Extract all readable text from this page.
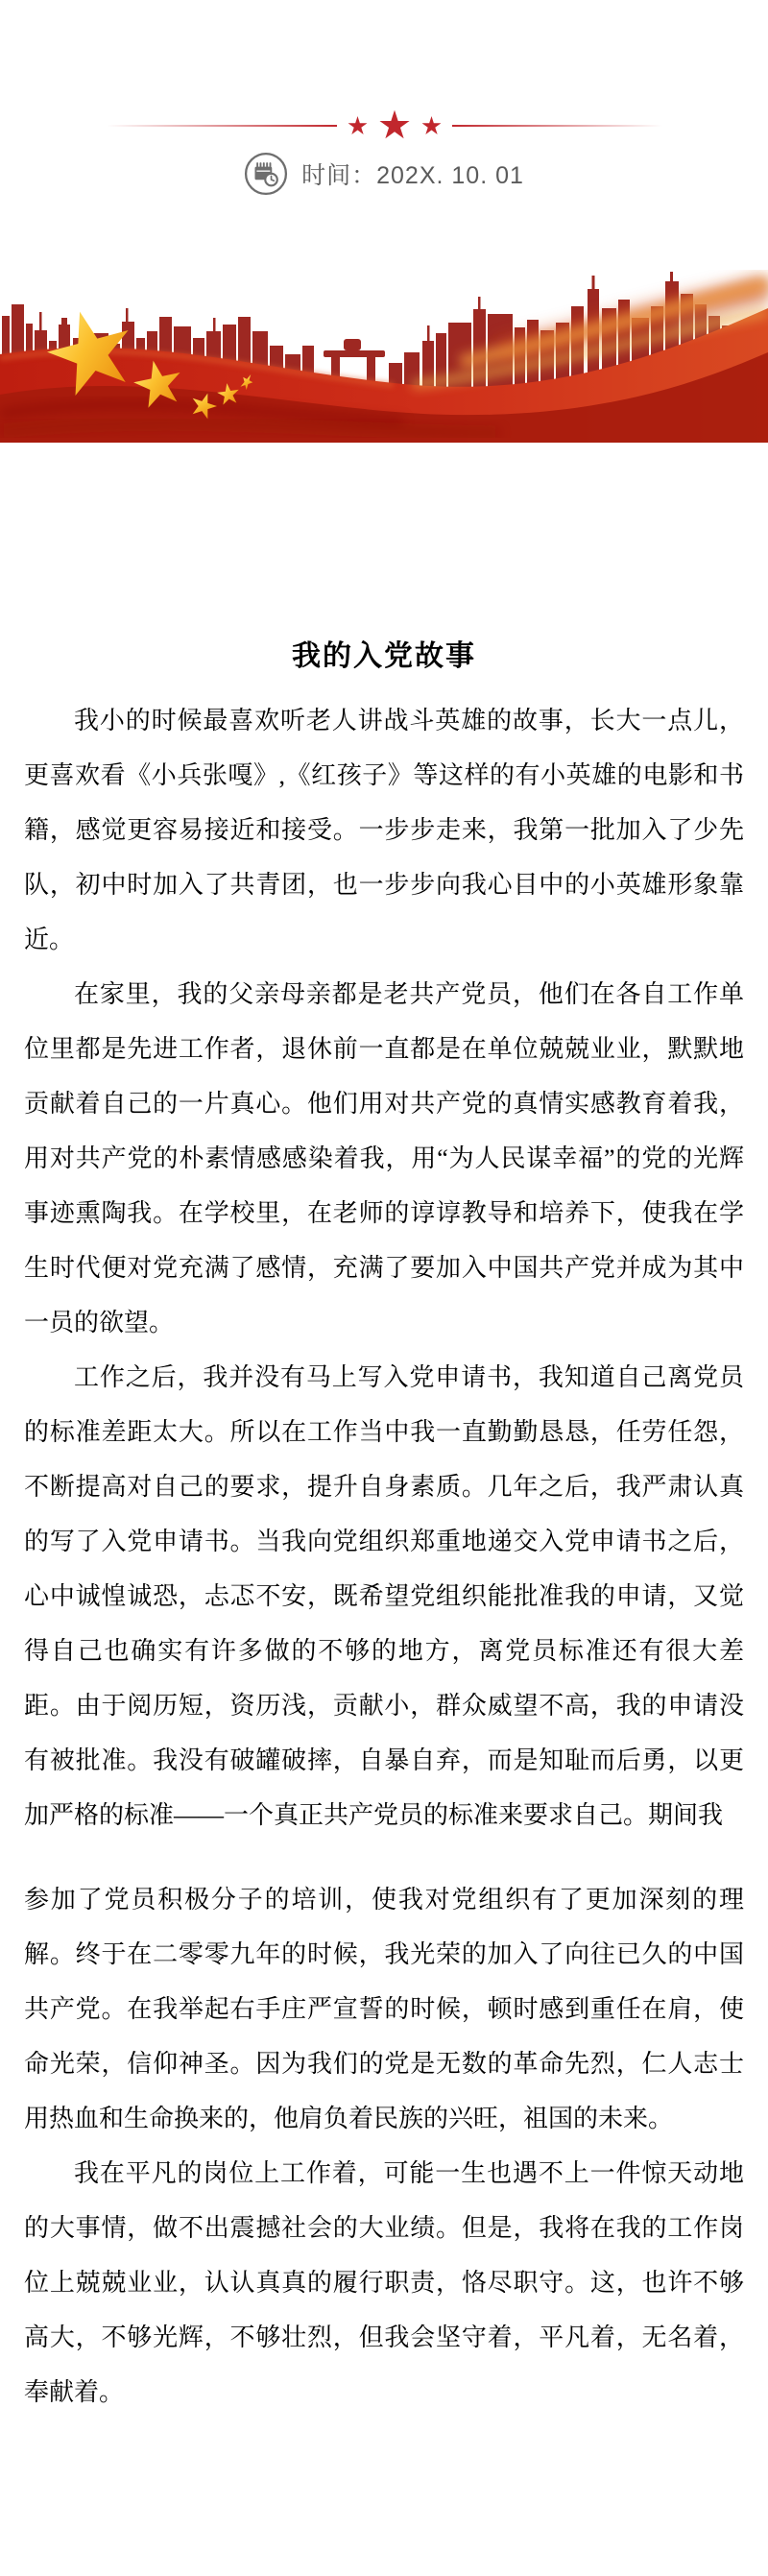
时间：202X. 10. 01
我的入党故事

我小的时候最喜欢听老人讲战斗英雄的故事，长大一点儿，更喜欢看《小兵张嘎》,《红孩子》等这样的有小英雄的电影和书籍，感觉更容易接近和接受。一步步走来，我第一批加入了少先队，初中时加入了共青团，也一步步向我心目中的小英雄形象靠近。

在家里，我的父亲母亲都是老共产党员，他们在各自工作单位里都是先进工作者，退休前一直都是在单位兢兢业业，默默地贡献着自己的一片真心。他们用对共产党的真情实感教育着我，用对共产党的朴素情感感染着我，用“为人民谋幸福”的党的光辉事迹熏陶我。在学校里，在老师的谆谆教导和培养下，使我在学生时代便对党充满了感情，充满了要加入中国共产党并成为其中一员的欲望。

工作之后，我并没有马上写入党申请书，我知道自己离党员的标准差距太大。所以在工作当中我一直勤勤恳恳，任劳任怨，不断提高对自己的要求，提升自身素质。几年之后，我严肃认真的写了入党申请书。当我向党组织郑重地递交入党申请书之后，心中诚惶诚恐，忐忑不安，既希望党组织能批准我的申请，又觉得自己也确实有许多做的不够的地方，离党员标准还有很大差距。由于阅历短，资历浅，贡献小，群众威望不高，我的申请没有被批准。我没有破罐破摔，自暴自弃，而是知耻而后勇，以更加严格的标准——一个真正共产党员的标准来要求自己。期间我

参加了党员积极分子的培训，使我对党组织有了更加深刻的理解。终于在二零零九年的时候，我光荣的加入了向往已久的中国共产党。在我举起右手庄严宣誓的时候，顿时感到重任在肩，使命光荣，信仰神圣。因为我们的党是无数的革命先烈，仁人志士用热血和生命换来的，他肩负着民族的兴旺，祖国的未来。

我在平凡的岗位上工作着，可能一生也遇不上一件惊天动地的大事情，做不出震撼社会的大业绩。但是，我将在我的工作岗位上兢兢业业，认认真真的履行职责，恪尽职守。这，也许不够高大，不够光辉，不够壮烈，但我会坚守着，平凡着，无名着，奉献着。
